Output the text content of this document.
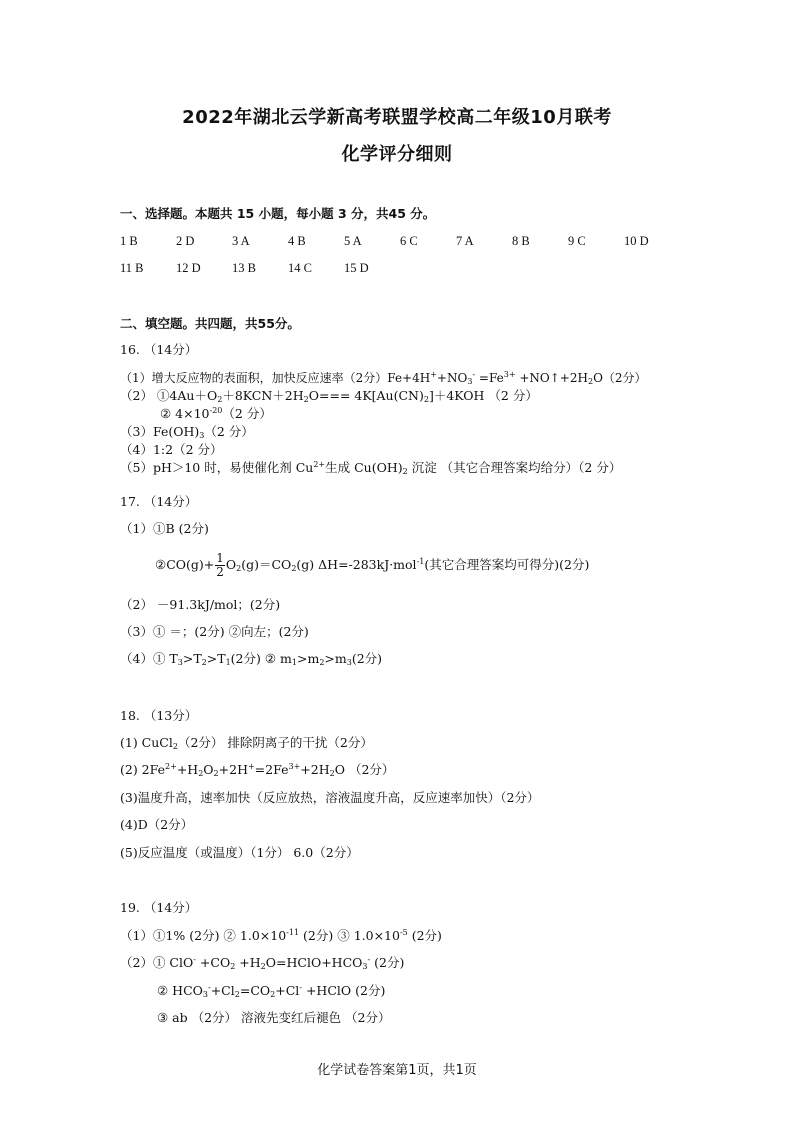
2022年湖北云学新高考联盟学校高二年级10月联考
化学评分细则
一、选择题。本题共 15 小题，每小题 3 分，共45 分。
1 B	2 D	3 A	4 B	5 A	6 C	7 A	8 B	9 C	10 D
11 B	12 D	13 B	14 C	15 D
二、填空题。共四题，共55分。
16. （14分）
（1）增大反应物的表面积，加快反应速率（2分）$Fe+4H^++NO_3^- =Fe^{3+}$ $+NO↑+2H_2O(2$分）
（2） $①4Au+O_2+8KCN+2H_2O=== 4K[Au(CN)_2]+4KOH$ （2 分）
② $4\times 10^{-20}(2$ 分）
$(3)Fe(OH)_3(2$ 分）
（4）1:2（2 分）
（5）pH＞10 时，易使催化剂 $Cu^{2+}$生成 $Cu(OH)_2$ 沉淀 （其它合理答案均给分）（2 分）
17. （14分）
（1）①B (2分)
②CO(g)+ $\frac{1}{2} O_2(g)=CO_2(g)$ ΔH=-283kJ·mol$^{-1}$(其它合理答案均可得分)(2分)
（2） －91.3kJ/mol；(2分)
（3）① ＝；(2分) ②向左；(2分)
（4）① $T_3>T_2>T_1(2$分) ② $m_1>m_2>m_3(2$分)
18. （13分）
(1) CuCl$_2$（2分） 排除阴离子的干扰（2分）
(2) $2Fe^{2+}+H_2O_2+2H^+=2Fe^{3+}+2H_2O$ （2分）
(3)温度升高，速率加快（反应放热，溶液温度升高，反应速率加快）（2分）
(4)D（2分）
(5)反应温度（或温度）（1分） 6.0（2分）
19. （14分）
（1）①1% (2分) ② $1.0\times 10^{-11}$ (2分) ③ $1.0\times 10^{-5}$ (2分)
（2）① $ClO^- +CO_2$ $+H_2O=HClO+HCO_3^-$ (2分)
② $HCO_3^-+Cl_2=CO_2+Cl^-$ +HClO (2分)
③ ab （2分） 溶液先变红后褪色 （2分）
化学试卷答案第1页，共1页
